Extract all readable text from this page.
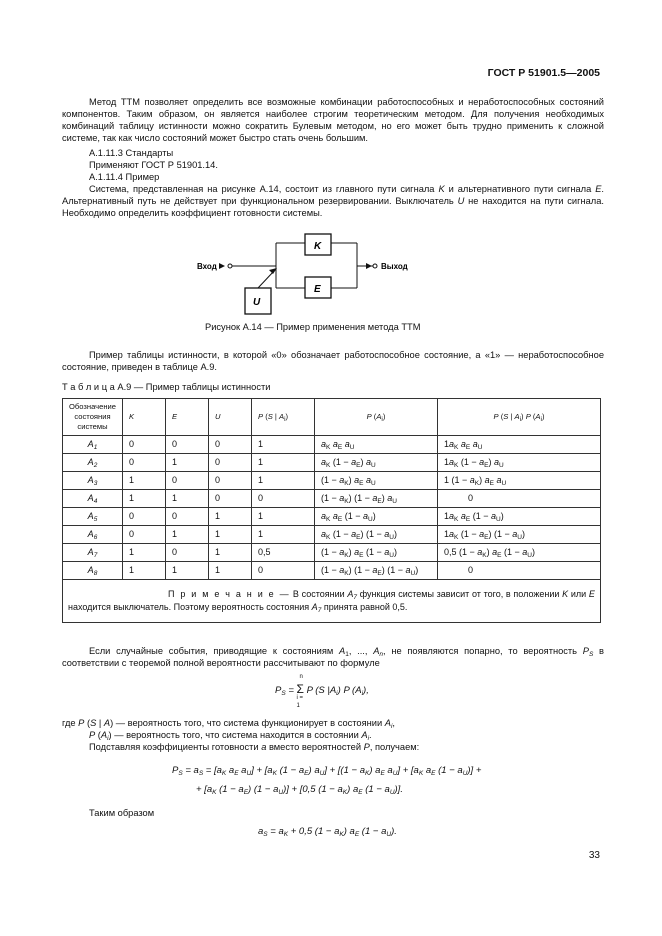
ГОСТ Р 51901.5—2005
Метод ТТМ позволяет определить все возможные комбинации работоспособных и неработоспособных состояний компонентов. Таким образом, он является наиболее строгим теоретическим методом. Для получения необходимых комбинаций таблицу истинности можно сократить Булевым методом, но его может быть трудно применить к сложной системе, так как число состояний может быстро стать очень большим.
А.1.11.3 Стандарты
Применяют ГОСТ Р 51901.14.
А.1.11.4 Пример
Система, представленная на рисунке А.14, состоит из главного пути сигнала K и альтернативного пути сигнала E. Альтернативный путь не действует при функциональном резервировании. Выключатель U не находится на пути сигнала. Необходимо определить коэффициент готовности системы.
Вход	Выход
K
E
U
Рисунок А.14 — Пример применения метода ТТМ
Пример таблицы истинности, в которой «0» обозначает работоспособное состояние, а «1» — неработоспособное состояние, приведен в таблице А.9.
Т а б л и ц а А.9 — Пример таблицы истинности
Обозначение состояния системы	K	E	U	P (S | $A_i$)	P $(A_i)$	P (S | $A_i$) P $(A_i)$
$A_1$	0	0	0	1	$a_K$ $a_E$ $a_U$	$1a_K$ $a_E$ $a_U$
$A_2$	0	1	0	1	$a_K$ $(1 - a_E)$ $a_U$	$1a_K$ $(1 - a_E)$ $a_U$
$A_3$	1	0	0	1	$(1 - a_K)$ $a_E$ $a_U$	1 $(1 - a_K)$ $a_E$ $a_U$
$A_4$	1	1	0	0	$(1 - a_K)$ $(1 - a_E)$ $a_U$	0
$A_5$	0	0	1	1	$a_K$ $a_E$ $(1 - a_U)$	$1a_K$ $a_E$ $(1 - a_U)$
$A_6$	0	1	1	1	$a_K$ $(1 - a_E)$ $(1 - a_U)$	$1a_K$ $(1 - a_E)$ $(1 - a_U)$
$A_7$	1	0	1	0,5	$(1 - a_K)$ $a_E$ $(1 - a_U)$	0,5 $(1 - a_K)$ $a_E$ $(1 - a_U)$
$A_8$	1	1	1	0	$(1 - a_K)$ $(1 - a_E)$ $(1 - a_U)$	0
П р и м е ч а н и е — В состоянии $A_7$ функция системы зависит от того, в положении K или E находится выключатель. Поэтому вероятность состояния $A_7$ принята равной 0,5.						
Если случайные события, приводящие к состояниям $A_1$, ..., $A_n$, не появляются попарно, то вероятность $P_S$ в соответствии с теоремой полной вероятности рассчитывают по формуле
$P_S = \Sigma$
n
i = 1
P (S $|A_i$) P $(A_i)$,
где P (S | A) — вероятность того, что система функционирует в состоянии $A_i$,
P $(A_i)$ — вероятность того, что система находится в состоянии $A_i$.
Подставляя коэффициенты готовности a вместо вероятностей P, получаем:
$P_S = a_S = [a_K$ $a_E$ $a_U] + [a_K$ $(1 - a_E)$ $a_U] + [(1 - a_K)$ $a_E$ $a_U] + [a_K$ $a_E$ $(1 - a_U)$] +
+ [$a_K$ $(1 - a_E)$ $(1 - a_U)] + [0,5$ $(1 - a_K)$ $a_E$ $(1 - a_U)$].
Таким образом
$a_S = a_K + 0,5$ $(1 - a_K)$ $a_E$ $(1 - a_U)$.
33
